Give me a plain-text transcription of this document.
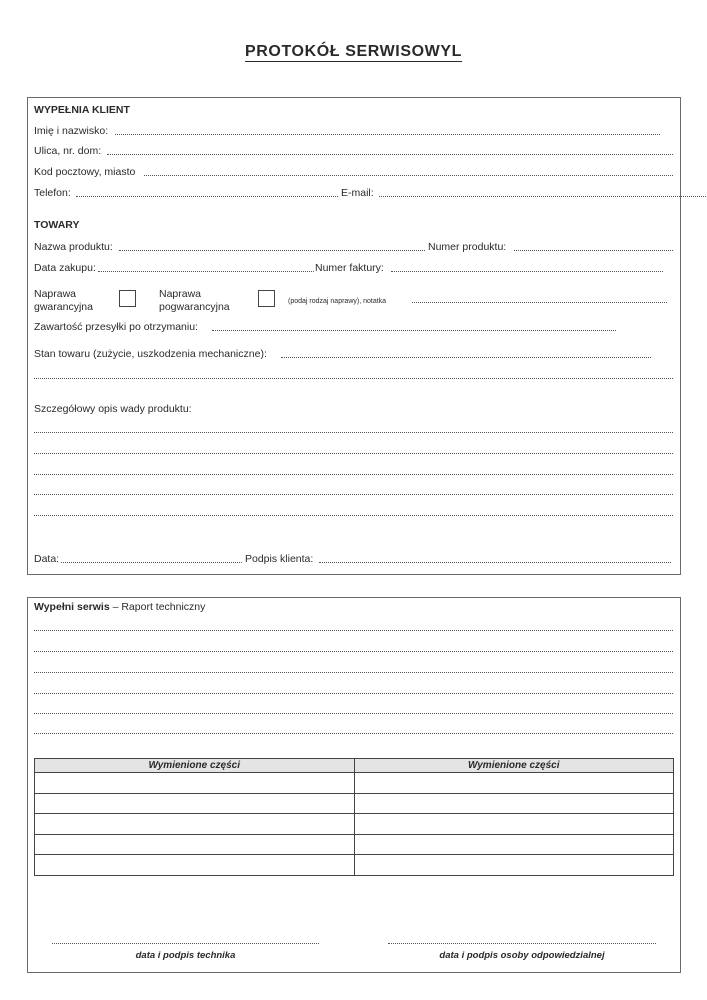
PROTOKÓŁ SERWISOWYL
WYPEŁNIA KLIENT
Imię i nazwisko:
Ulica, nr. dom:
Kod pocztowy, miasto
Telefon:	E-mail:
TOWARY
Nazwa produktu:	Numer produktu:
Data zakupu:	Numer faktury:
Naprawa
gwarancyjna
Naprawa
pogwarancyjna	(podaj rodzaj naprawy), notatka
Zawartość przesyłki po otrzymaniu:
Stan towaru (zużycie, uszkodzenia mechaniczne):
Szczegółowy opis wady produktu:
Data:	Podpis klienta:
Wypełni serwis – Raport techniczny
Wymienione części	Wymienione części

data i podpis technika	data i podpis osoby odpowiedzialnej
